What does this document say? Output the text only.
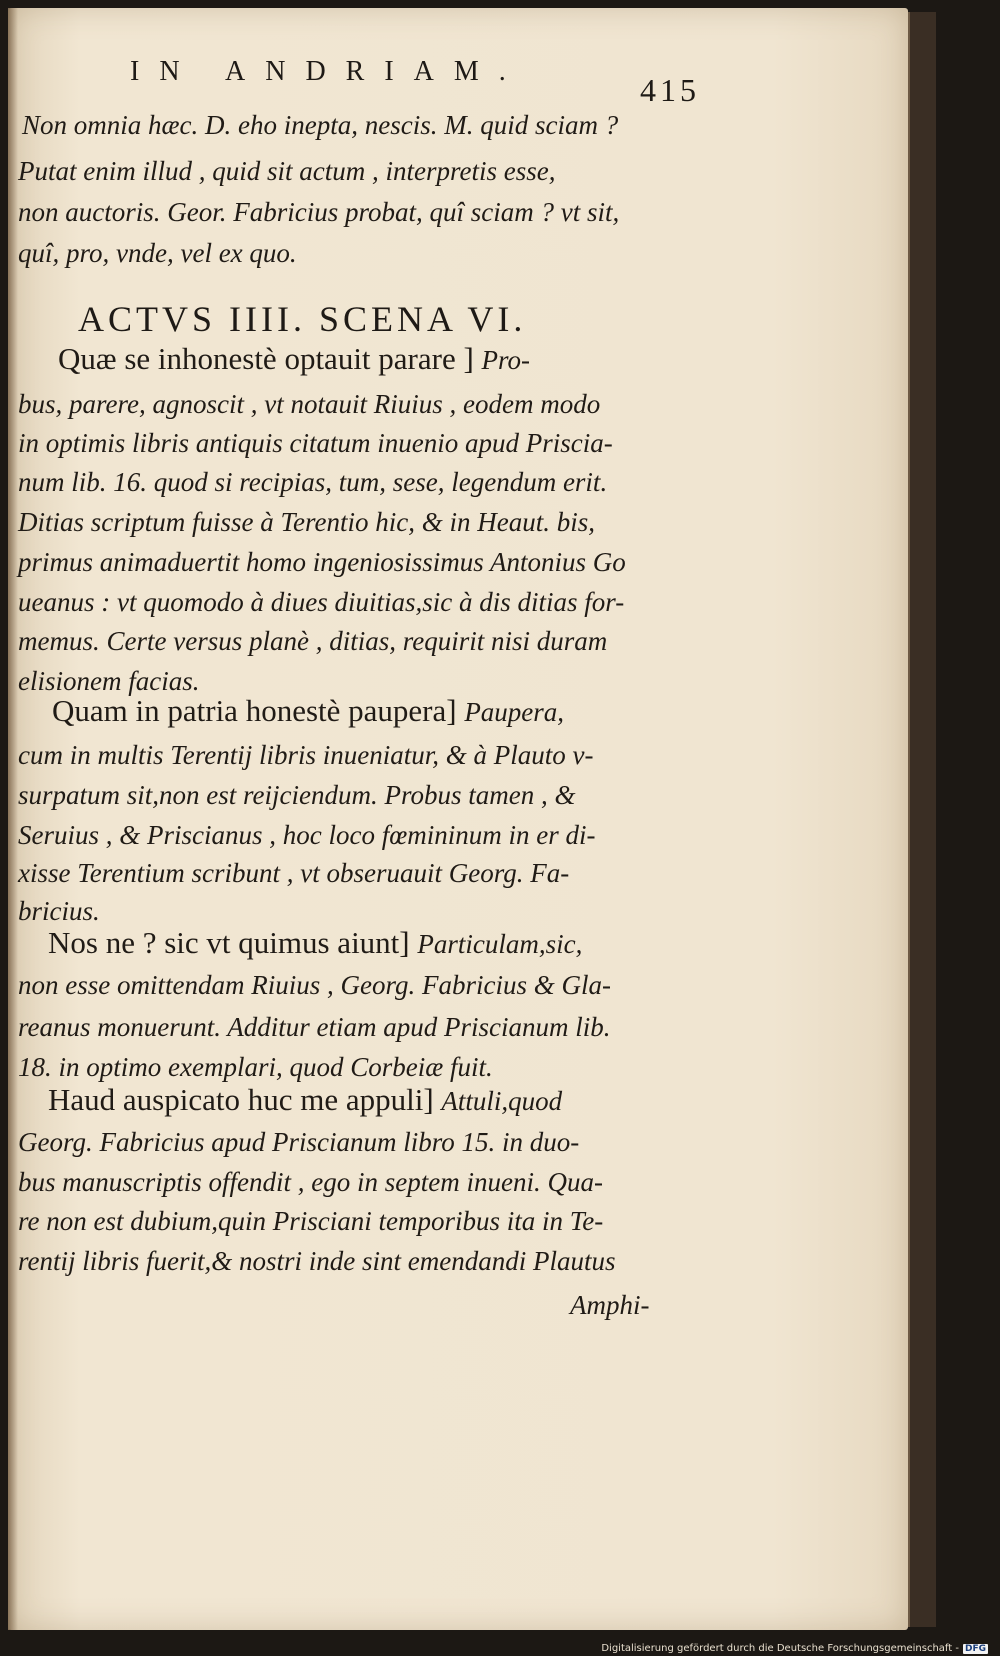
IN ANDRIAM.
415
ACTVS IIII. SCENA VI.
Non omnia hæc. D. eho inepta, nescis. M. quid sciam ?
Putat enim illud , quid sit actum , interpretis esse,
non auctoris. Geor. Fabricius probat, quî sciam ? vt sit,
quî, pro, vnde, vel ex quo.
Quæ se inhonestè optauit parare ] Pro-
bus, parere, agnoscit , vt notauit Riuius , eodem modo
in optimis libris antiquis citatum inuenio apud Priscia-
num lib. 16. quod si recipias, tum, sese, legendum erit.
Ditias scriptum fuisse à Terentio hic, & in Heaut. bis,
primus animaduertit homo ingeniosissimus Antonius Go
ueanus : vt quomodo à diues diuitias,sic à dis ditias for-
memus. Certe versus planè , ditias, requirit nisi duram
elisionem facias.
Quam in patria honestè paupera] Paupera,
cum in multis Terentij libris inueniatur, & à Plauto v-
surpatum sit,non est reijciendum. Probus tamen , &
Seruius , & Priscianus , hoc loco fœmininum in er di-
xisse Terentium scribunt , vt obseruauit Georg. Fa-
bricius.
Nos ne ? sic vt quimus aiunt] Particulam,sic,
non esse omittendam Riuius , Georg. Fabricius & Gla-
reanus monuerunt. Additur etiam apud Priscianum lib.
18. in optimo exemplari, quod Corbeiæ fuit.
Haud auspicato huc me appuli] Attuli,quod
Georg. Fabricius apud Priscianum libro 15. in duo-
bus manuscriptis offendit , ego in septem inueni. Qua-
re non est dubium,quin Prisciani temporibus ita in Te-
rentij libris fuerit,& nostri inde sint emendandi Plautus
Amphi-
Digitalisierung gefördert durch die Deutsche Forschungsgemeinschaft - DFG
